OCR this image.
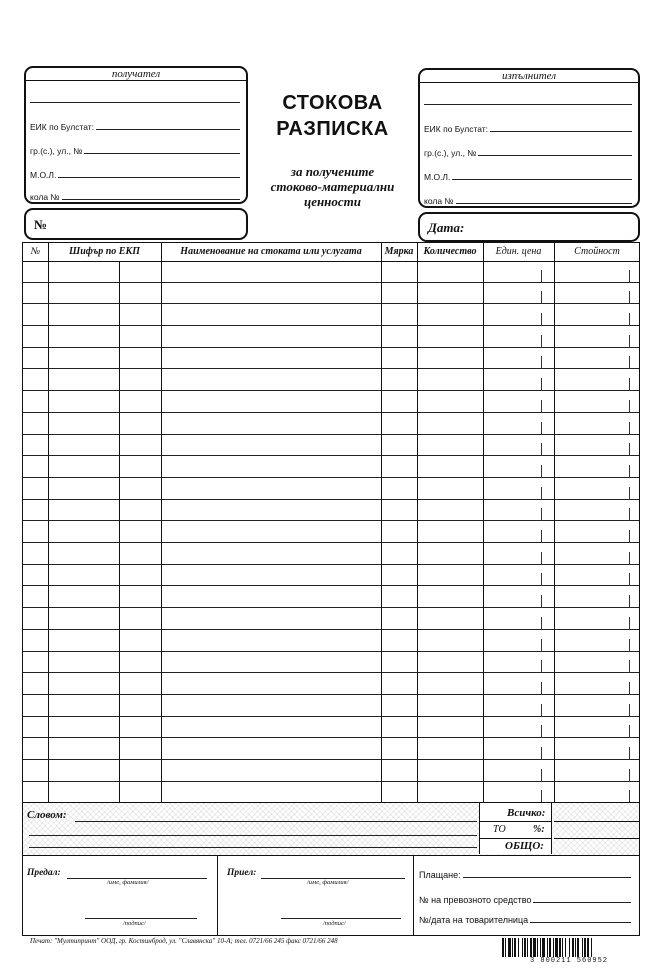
получател
ЕИК по Булстат:
гр.(с.), ул., №
М.О.Л.
кола №
№
СТОКОВА
РАЗПИСКА
за получените
стоково-материални
ценности
изпълнител
ЕИК по Булстат:
гр.(с.), ул., №
М.О.Л.
кола №
Дата:
№	Шифър по ЕКП	Наименование на стоката или услугата	Мярка	Количество	Един. цена	Стойност
Словом:	Всичко:
ТО	%:
ОБЩО:
Предал:
/име, фамилия/
/подпис/
Приел:
/име, фамилия/
/подпис/
Плащане:
№ на превозното средство
№/дата на товарителница
Печат: "Мултипринт" ООД, гр. Костинброд, ул. "Славянска" 10-А; тел. 0721/66 245 факс 0721/66 248
3 800211 560952
